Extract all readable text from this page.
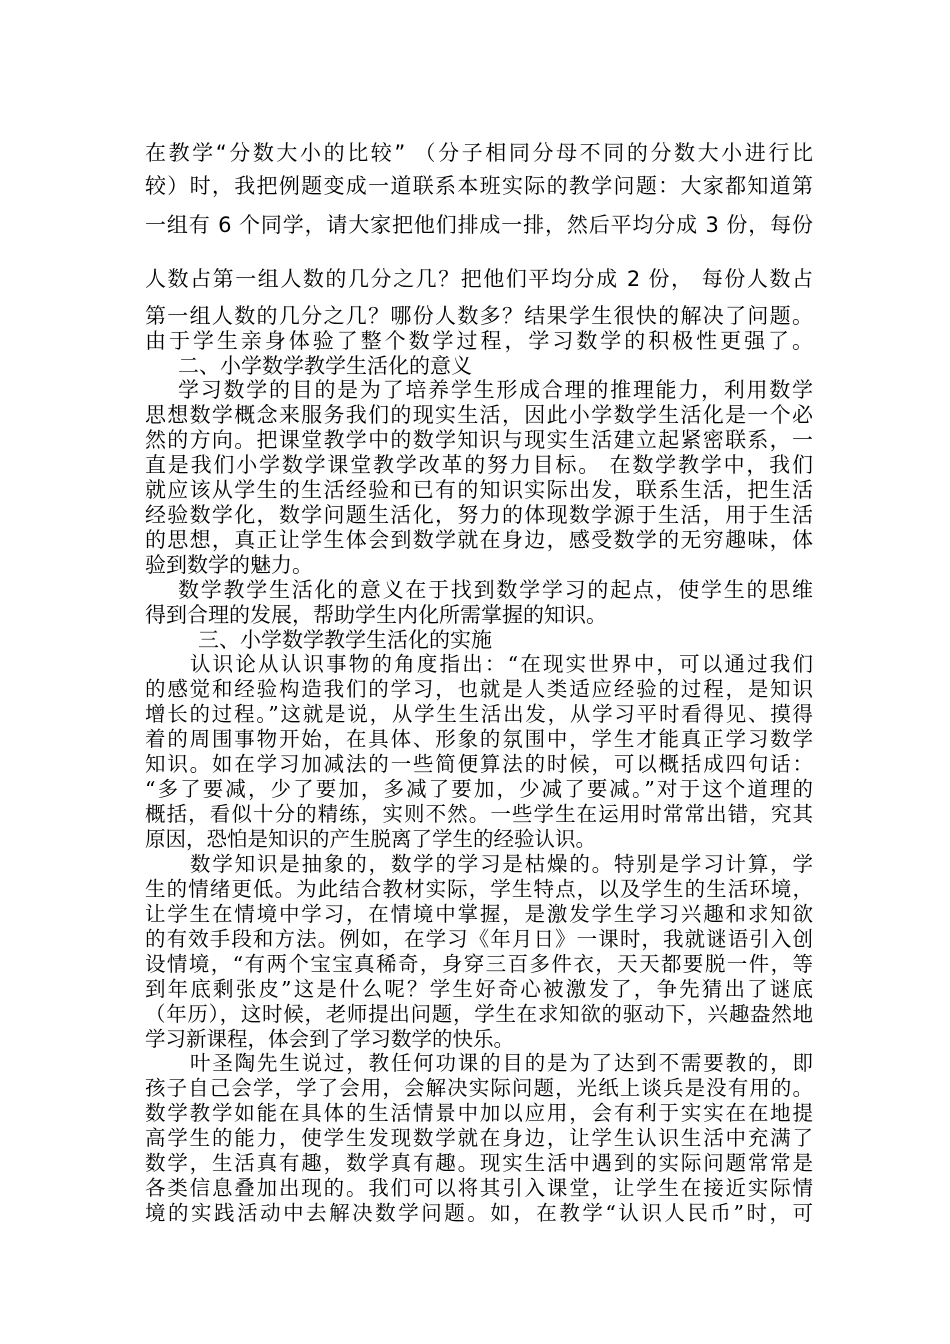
在教学“分数大小的比较” （分子相同分母不同的分数大小进行比
较）时，我把例题变成一道联系本班实际的教学问题：大家都知道第
一组有 6 个同学，请大家把他们排成一排，然后平均分成 3 份，每份
人数占第一组人数的几分之几？把他们平均分成 2 份， 每份人数占
第一组人数的几分之几？哪份人数多？结果学生很快的解决了问题。
由于学生亲身体验了整个数学过程，学习数学的积极性更强了。
二、小学数学教学生活化的意义
学习数学的目的是为了培养学生形成合理的推理能力，利用数学
思想数学概念来服务我们的现实生活，因此小学数学生活化是一个必
然的方向。把课堂教学中的数学知识与现实生活建立起紧密联系，一
直是我们小学数学课堂教学改革的努力目标。 在数学教学中，我们
就应该从学生的生活经验和已有的知识实际出发，联系生活，把生活
经验数学化，数学问题生活化，努力的体现数学源于生活，用于生活
的思想，真正让学生体会到数学就在身边，感受数学的无穷趣味，体
验到数学的魅力。
数学教学生活化的意义在于找到数学学习的起点，使学生的思维
得到合理的发展，帮助学生内化所需掌握的知识。
三、小学数学教学生活化的实施
认识论从认识事物的角度指出：“在现实世界中，可以通过我们
的感觉和经验构造我们的学习，也就是人类适应经验的过程，是知识
增长的过程。”这就是说，从学生生活出发，从学习平时看得见、摸得
着的周围事物开始，在具体、形象的氛围中，学生才能真正学习数学
知识。如在学习加减法的一些简便算法的时候，可以概括成四句话：
“多了要减，少了要加，多减了要加，少减了要减。”对于这个道理的
概括，看似十分的精练，实则不然。一些学生在运用时常常出错，究其
原因，恐怕是知识的产生脱离了学生的经验认识。
数学知识是抽象的，数学的学习是枯燥的。特别是学习计算，学
生的情绪更低。为此结合教材实际，学生特点，以及学生的生活环境，
让学生在情境中学习，在情境中掌握，是激发学生学习兴趣和求知欲
的有效手段和方法。例如，在学习《年月日》一课时，我就谜语引入创
设情境，“有两个宝宝真稀奇，身穿三百多件衣，天天都要脱一件，等
到年底剩张皮”这是什么呢？学生好奇心被激发了，争先猜出了谜底
（年历），这时候，老师提出问题，学生在求知欲的驱动下，兴趣盎然地
学习新课程，体会到了学习数学的快乐。
叶圣陶先生说过，教任何功课的目的是为了达到不需要教的，即
孩子自己会学，学了会用，会解决实际问题，光纸上谈兵是没有用的。
数学教学如能在具体的生活情景中加以应用，会有利于实实在在地提
高学生的能力，使学生发现数学就在身边，让学生认识生活中充满了
数学，生活真有趣，数学真有趣。现实生活中遇到的实际问题常常是
各类信息叠加出现的。我们可以将其引入课堂，让学生在接近实际情
境的实践活动中去解决数学问题。如，在教学“认识人民币”时，可
